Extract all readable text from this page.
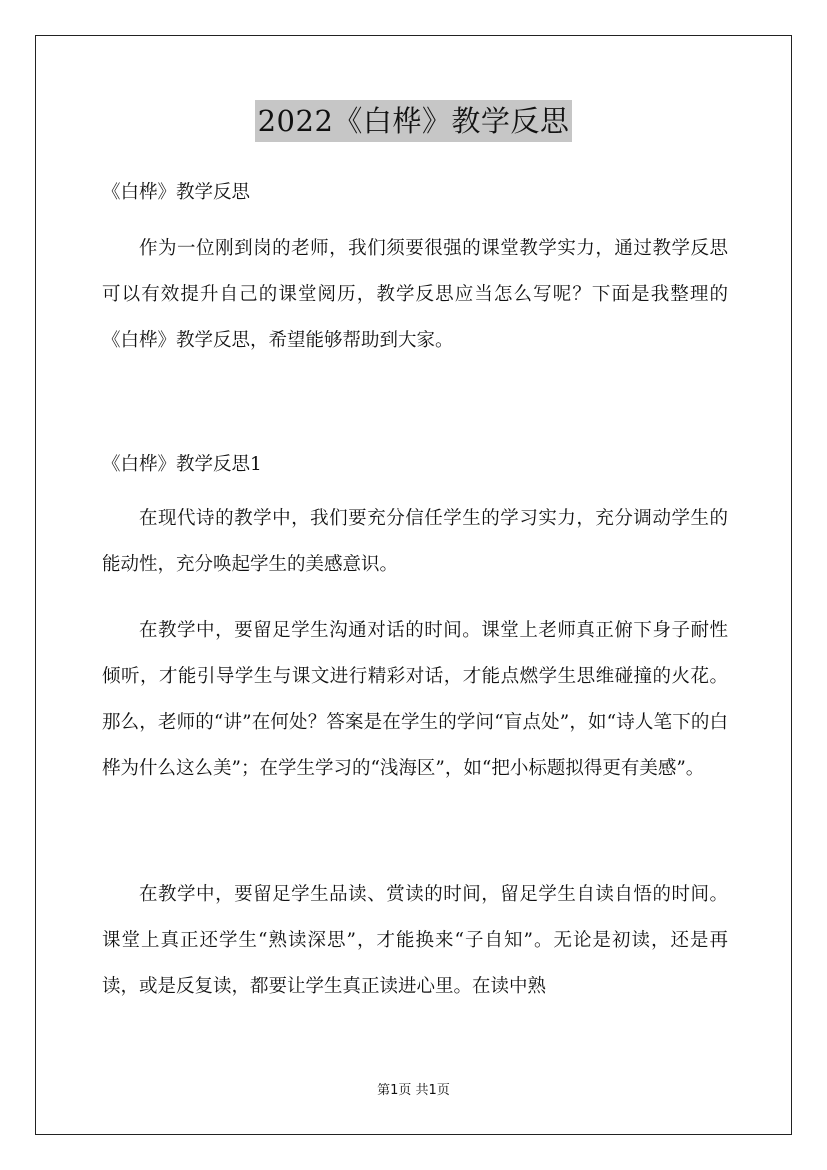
2022《白桦》教学反思

《白桦》教学反思

作为一位刚到岗的老师，我们须要很强的课堂教学实力，通过教学反思可以有效提升自己的课堂阅历，教学反思应当怎么写呢？下面是我整理的《白桦》教学反思，希望能够帮助到大家。

《白桦》教学反思1

在现代诗的教学中，我们要充分信任学生的学习实力，充分调动学生的能动性，充分唤起学生的美感意识。

在教学中，要留足学生沟通对话的时间。课堂上老师真正俯下身子耐性倾听，才能引导学生与课文进行精彩对话，才能点燃学生思维碰撞的火花。那么，老师的“讲”在何处？答案是在学生的学问“盲点处”，如“诗人笔下的白桦为什么这么美”；在学生学习的“浅海区”，如“把小标题拟得更有美感”。

在教学中，要留足学生品读、赏读的时间，留足学生自读自悟的时间。课堂上真正还学生“熟读深思”，才能换来“子自知”。无论是初读，还是再读，或是反复读，都要让学生真正读进心里。在读中熟

第1页 共1页
